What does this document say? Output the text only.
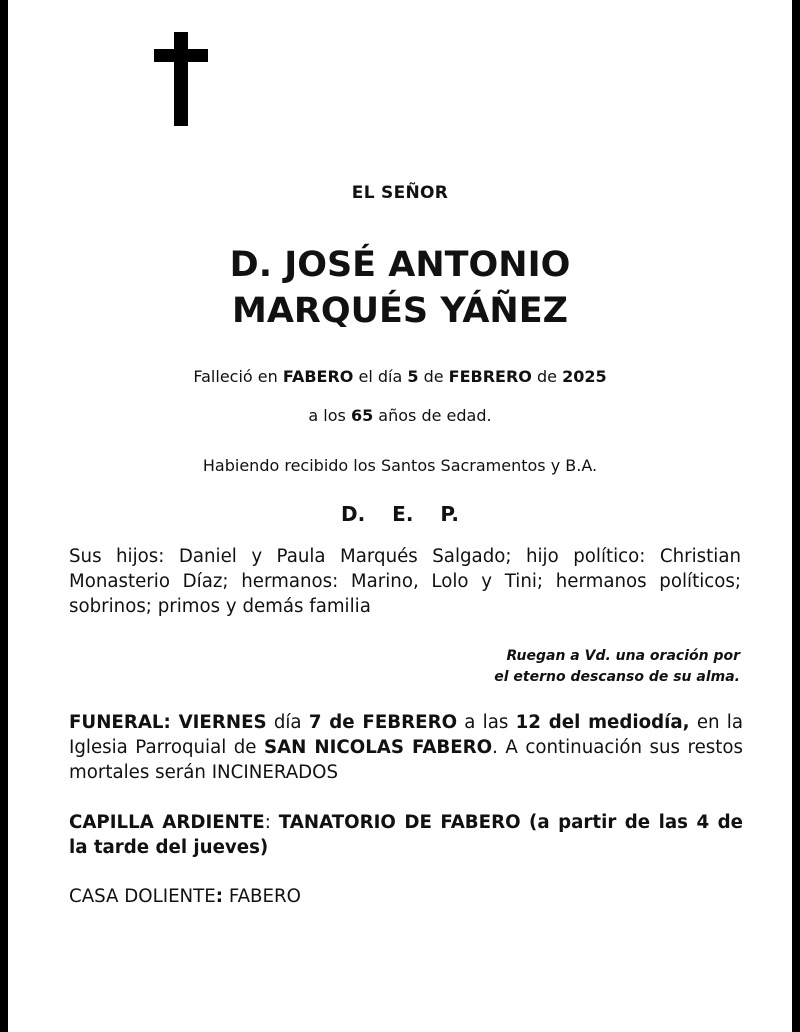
EL SEÑOR
D. JOSÉ ANTONIO
MARQUÉS YÁÑEZ
Falleció en FABERO el día 5 de FEBRERO de 2025
a los 65 años de edad.
Habiendo recibido los Santos Sacramentos y B.A.
D. E. P.
Sus hijos: Daniel y Paula Marqués Salgado; hijo político: Christian Monasterio Díaz; hermanos: Marino, Lolo y Tini; hermanos políticos; sobrinos; primos y demás familia
Ruegan a Vd. una oración por
el eterno descanso de su alma.
FUNERAL: VIERNES día 7 de FEBRERO a las 12 del mediodía, en la Iglesia Parroquial de SAN NICOLAS FABERO. A continuación sus restos mortales serán INCINERADOS
CAPILLA ARDIENTE: TANATORIO DE FABERO (a partir de las 4 de la tarde del jueves)
CASA DOLIENTE: FABERO
